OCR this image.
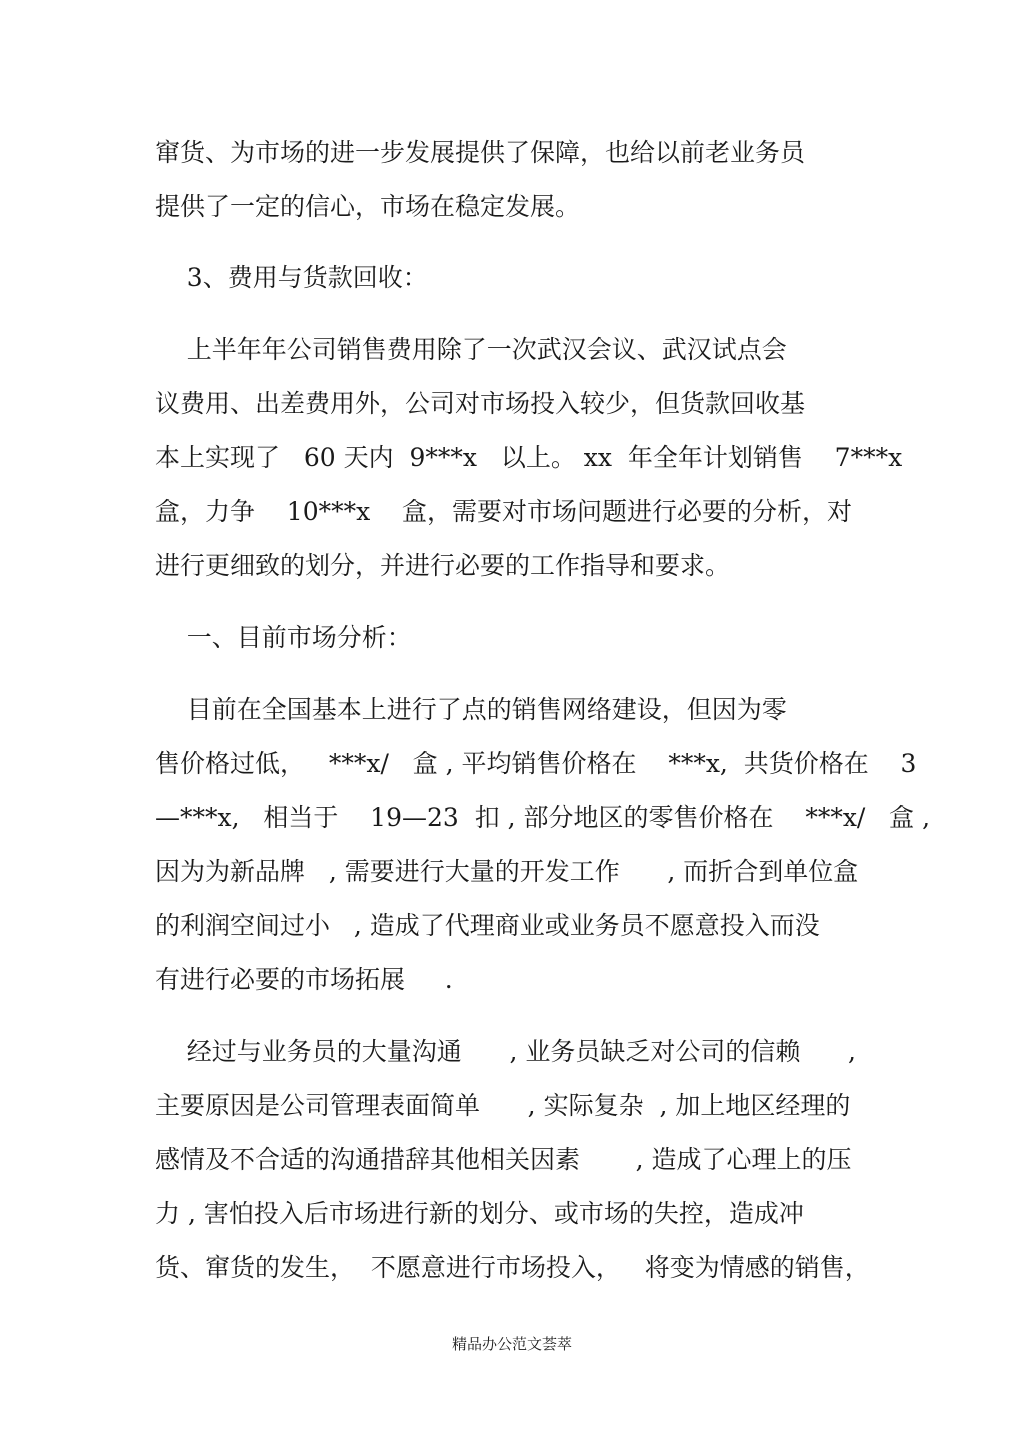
窜货、为市场的进一步发展提供了保障，也给以前老业务员

提供了一定的信心，市场在稳定发展。

3、费用与货款回收：

上半年年公司销售费用除了一次武汉会议、武汉试点会

议费用、出差费用外，公司对市场投入较少，但货款回收基

本上实现了   60 天内  9***x   以上。 xx  年全年计划销售    7***x

盒，力争    10***x    盒，需要对市场问题进行必要的分析，对

进行更细致的划分，并进行必要的工作指导和要求。

一、目前市场分析：

目前在全国基本上进行了点的销售网络建设，但因为零

售价格过低，   ***x/   盒 , 平均销售价格在    ***x,  共货价格在    3

—***x,   相当于    19—23  扣 , 部分地区的零售价格在    ***x/   盒 ,

因为为新品牌   , 需要进行大量的开发工作      , 而折合到单位盒

的利润空间过小   , 造成了代理商业或业务员不愿意投入而没

有进行必要的市场拓展     .

经过与业务员的大量沟通      , 业务员缺乏对公司的信赖      ,

主要原因是公司管理表面简单      , 实际复杂  , 加上地区经理的

感情及不合适的沟通措辞其他相关因素       , 造成了心理上的压

力 , 害怕投入后市场进行新的划分、或市场的失控，造成冲

货、窜货的发生，  不愿意进行市场投入，   将变为情感的销售，

精品办公范文荟萃
